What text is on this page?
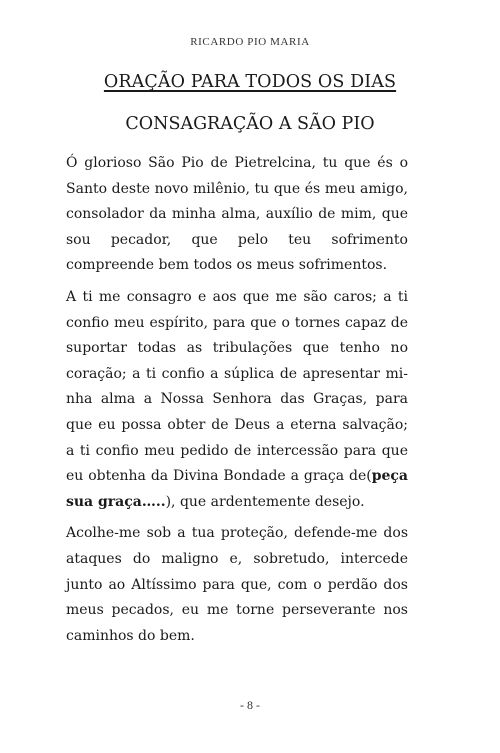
RICARDO PIO MARIA
ORAÇÃO PARA TODOS OS DIAS
CONSAGRAÇÃO A SÃO PIO

Ó glorioso São Pio de Pietrelcina, tu que és o Santo deste novo milênio, tu que és meu amigo, consolador da minha alma, auxílio de mim, que sou pecador, que pelo teu sofrimento compreende bem todos os meus sofrimentos.

A ti me consagro e aos que me são caros; a ti confio meu espírito, para que o tornes capaz de suportar todas as tribulações que tenho no coração; a ti confio a súplica de apresentar minha alma a Nossa Senhora das Graças, para que eu possa obter de Deus a eterna salvação; a ti confio meu pedido de intercessão para que eu obtenha da Divina Bondade a graça de(peça sua graça…..), que ardentemente desejo.

Acolhe-me sob a tua proteção, defende-me dos ataques do maligno e, sobretudo, intercede junto ao Altíssimo para que, com o perdão dos meus pecados, eu me torne perseverante nos caminhos do bem.

- 8 -
